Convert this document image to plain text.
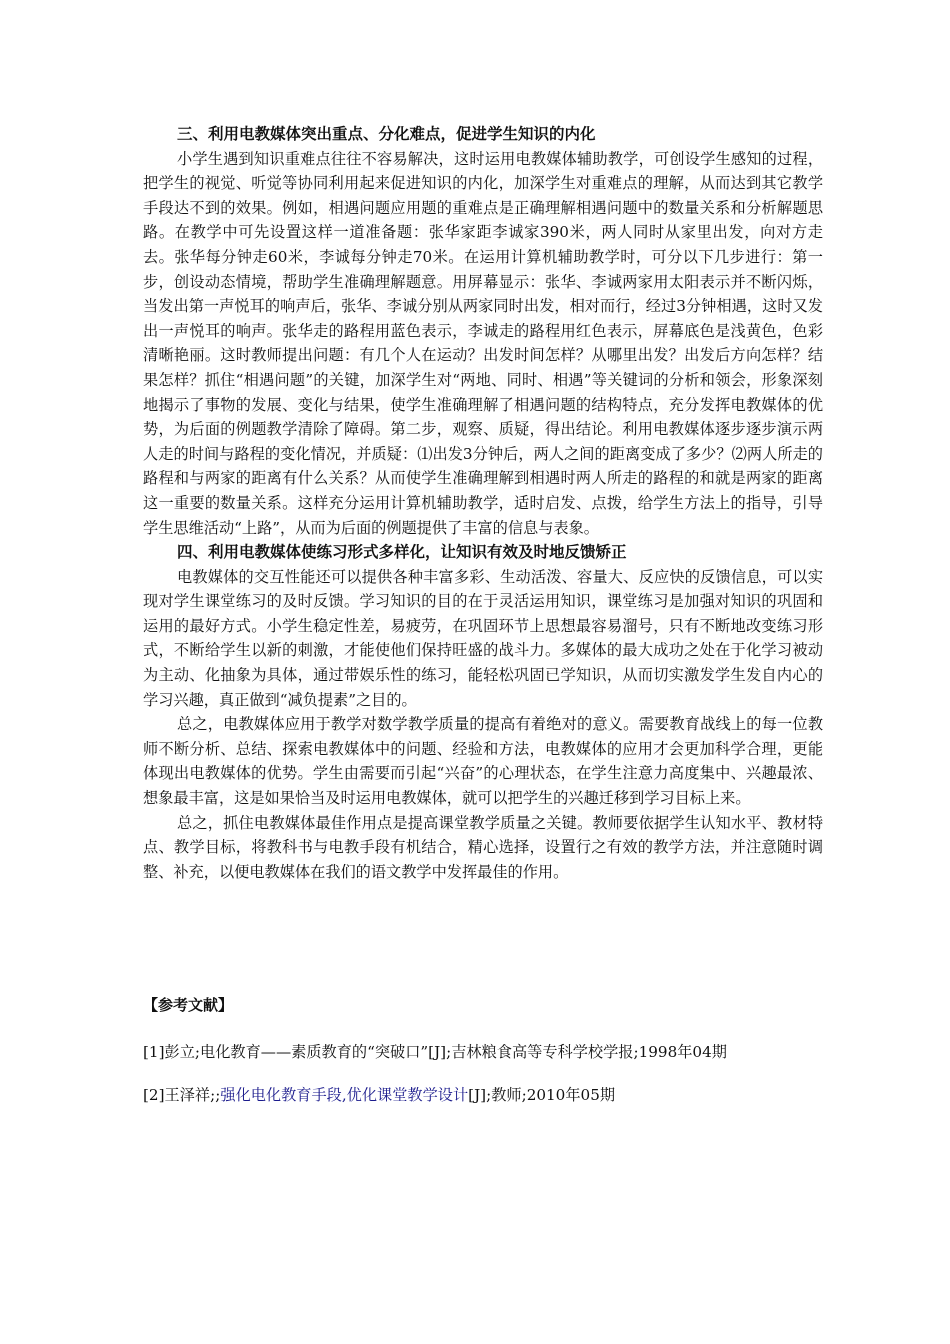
三、利用电教媒体突出重点、分化难点，促进学生知识的内化

小学生遇到知识重难点往往不容易解决，这时运用电教媒体辅助教学，可创设学生感知的过程，把学生的视觉、听觉等协同利用起来促进知识的内化，加深学生对重难点的理解，从而达到其它教学手段达不到的效果。例如，相遇问题应用题的重难点是正确理解相遇问题中的数量关系和分析解题思路。在教学中可先设置这样一道准备题：张华家距李诚家390米，两人同时从家里出发，向对方走去。张华每分钟走60米，李诚每分钟走70米。在运用计算机辅助教学时，可分以下几步进行：第一步，创设动态情境，帮助学生准确理解题意。用屏幕显示：张华、李诚两家用太阳表示并不断闪烁，当发出第一声悦耳的响声后，张华、李诚分别从两家同时出发，相对而行，经过3分钟相遇，这时又发出一声悦耳的响声。张华走的路程用蓝色表示，李诚走的路程用红色表示，屏幕底色是浅黄色，色彩清晰艳丽。这时教师提出问题：有几个人在运动？出发时间怎样？从哪里出发？出发后方向怎样？结果怎样？抓住“相遇问题”的关键，加深学生对“两地、同时、相遇”等关键词的分析和领会，形象深刻地揭示了事物的发展、变化与结果，使学生准确理解了相遇问题的结构特点，充分发挥电教媒体的优势，为后面的例题教学清除了障碍。第二步，观察、质疑，得出结论。利用电教媒体逐步逐步演示两人走的时间与路程的变化情况，并质疑：⑴出发3分钟后，两人之间的距离变成了多少？⑵两人所走的路程和与两家的距离有什么关系？从而使学生准确理解到相遇时两人所走的路程的和就是两家的距离这一重要的数量关系。这样充分运用计算机辅助教学，适时启发、点拨，给学生方法上的指导，引导学生思维活动“上路”，从而为后面的例题提供了丰富的信息与表象。

四、利用电教媒体使练习形式多样化，让知识有效及时地反馈矫正

电教媒体的交互性能还可以提供各种丰富多彩、生动活泼、容量大、反应快的反馈信息，可以实现对学生课堂练习的及时反馈。学习知识的目的在于灵活运用知识，课堂练习是加强对知识的巩固和运用的最好方式。小学生稳定性差，易疲劳，在巩固环节上思想最容易溜号，只有不断地改变练习形式，不断给学生以新的刺激，才能使他们保持旺盛的战斗力。多媒体的最大成功之处在于化学习被动为主动、化抽象为具体，通过带娱乐性的练习，能轻松巩固已学知识，从而切实激发学生发自内心的学习兴趣，真正做到“减负提素”之目的。

总之，电教媒体应用于教学对数学教学质量的提高有着绝对的意义。需要教育战线上的每一位教师不断分析、总结、探索电教媒体中的问题、经验和方法，电教媒体的应用才会更加科学合理，更能体现出电教媒体的优势。学生由需要而引起“兴奋”的心理状态，在学生注意力高度集中、兴趣最浓、想象最丰富，这是如果恰当及时运用电教媒体，就可以把学生的兴趣迁移到学习目标上来。

总之，抓住电教媒体最佳作用点是提高课堂教学质量之关键。教师要依据学生认知水平、教材特点、教学目标，将教科书与电教手段有机结合，精心选择，设置行之有效的教学方法，并注意随时调整、补充，以便电教媒体在我们的语文教学中发挥最佳的作用。

【参考文献】

[1]彭立;电化教育——素质教育的“突破口”[J];吉林粮食高等专科学校学报;1998年04期

[2]王泽祥;;强化电化教育手段,优化课堂教学设计[J];教师;2010年05期
